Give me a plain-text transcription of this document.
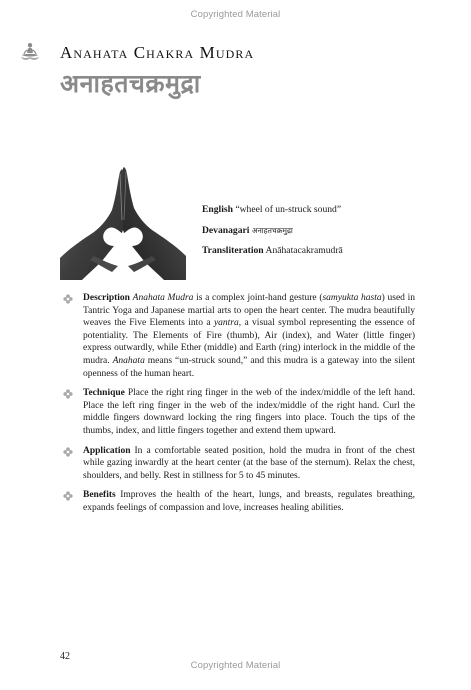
Copyrighted Material
Anahata Chakra Mudra
अनाहतचक्रमुद्रा
English “wheel of un-struck sound”
Devanagari अनाहतचक्रमुद्रा
Transliteration Anāhatacakramudrā
Description Anahata Mudra is a complex joint-hand gesture (samyukta hasta) used in Tantric Yoga and Japanese martial arts to open the heart center. The mudra beautifully weaves the Five Elements into a yantra, a visual symbol representing the essence of potentiality. The Elements of Fire (thumb), Air (index), and Water (little finger) express outwardly, while Ether (middle) and Earth (ring) interlock in the middle of the mudra. Anahata means “un-struck sound,” and this mudra is a gateway into the silent openness of the human heart.
Technique Place the right ring finger in the web of the index/middle of the left hand. Place the left ring finger in the web of the index/middle of the right hand. Curl the middle fingers downward locking the ring fingers into place. Touch the tips of the thumbs, index, and little fingers together and extend them upward.
Application In a comfortable seated position, hold the mudra in front of the chest while gazing inwardly at the heart center (at the base of the sternum). Relax the chest, shoulders, and belly. Rest in stillness for 5 to 45 minutes.
Benefits Improves the health of the heart, lungs, and breasts, regulates breathing, expands feelings of compassion and love, increases healing abilities.
42
Copyrighted Material
